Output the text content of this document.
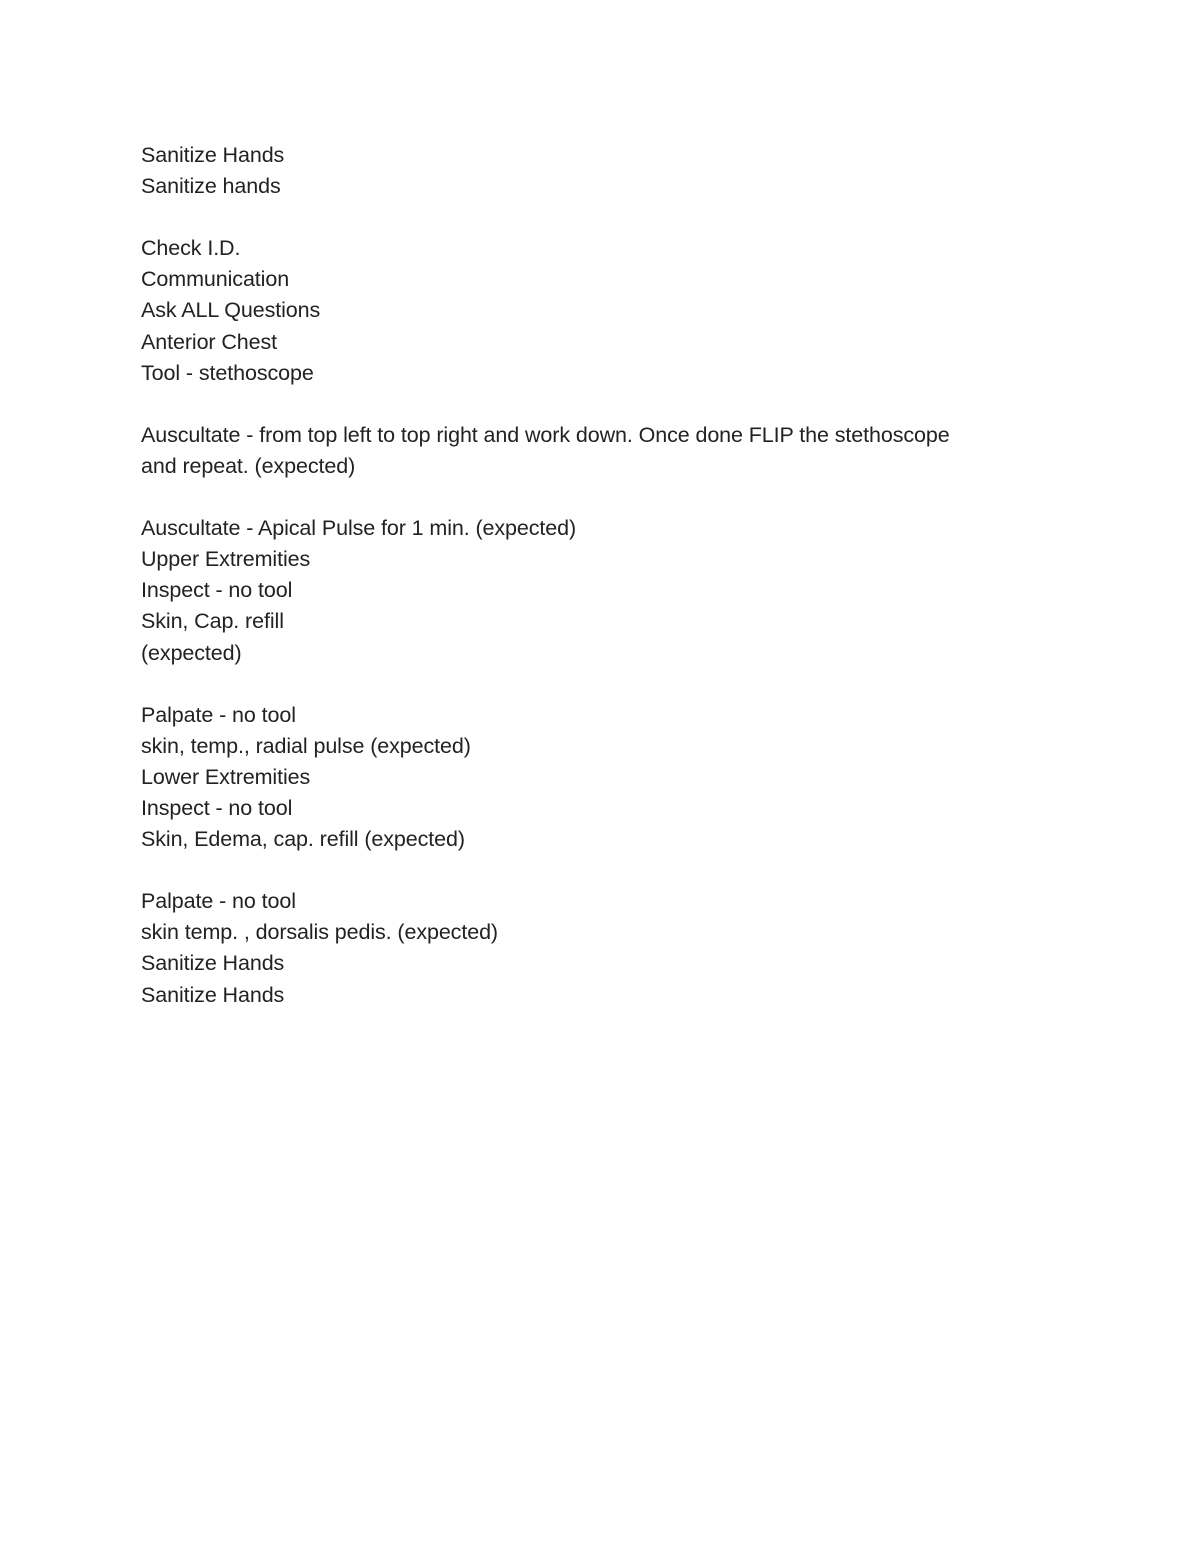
Sanitize Hands

Sanitize hands

Check I.D.

Communication

Ask ALL Questions

Anterior Chest

Tool - stethoscope

Auscultate - from top left to top right and work down. Once done FLIP the stethoscope

and repeat. (expected)

Auscultate - Apical Pulse for 1 min. (expected)

Upper Extremities

Inspect - no tool

Skin, Cap. refill

(expected)

Palpate - no tool

skin, temp., radial pulse (expected)

Lower Extremities

Inspect - no tool

Skin, Edema, cap. refill (expected)

Palpate - no tool

skin temp. , dorsalis pedis. (expected)

Sanitize Hands

Sanitize Hands
